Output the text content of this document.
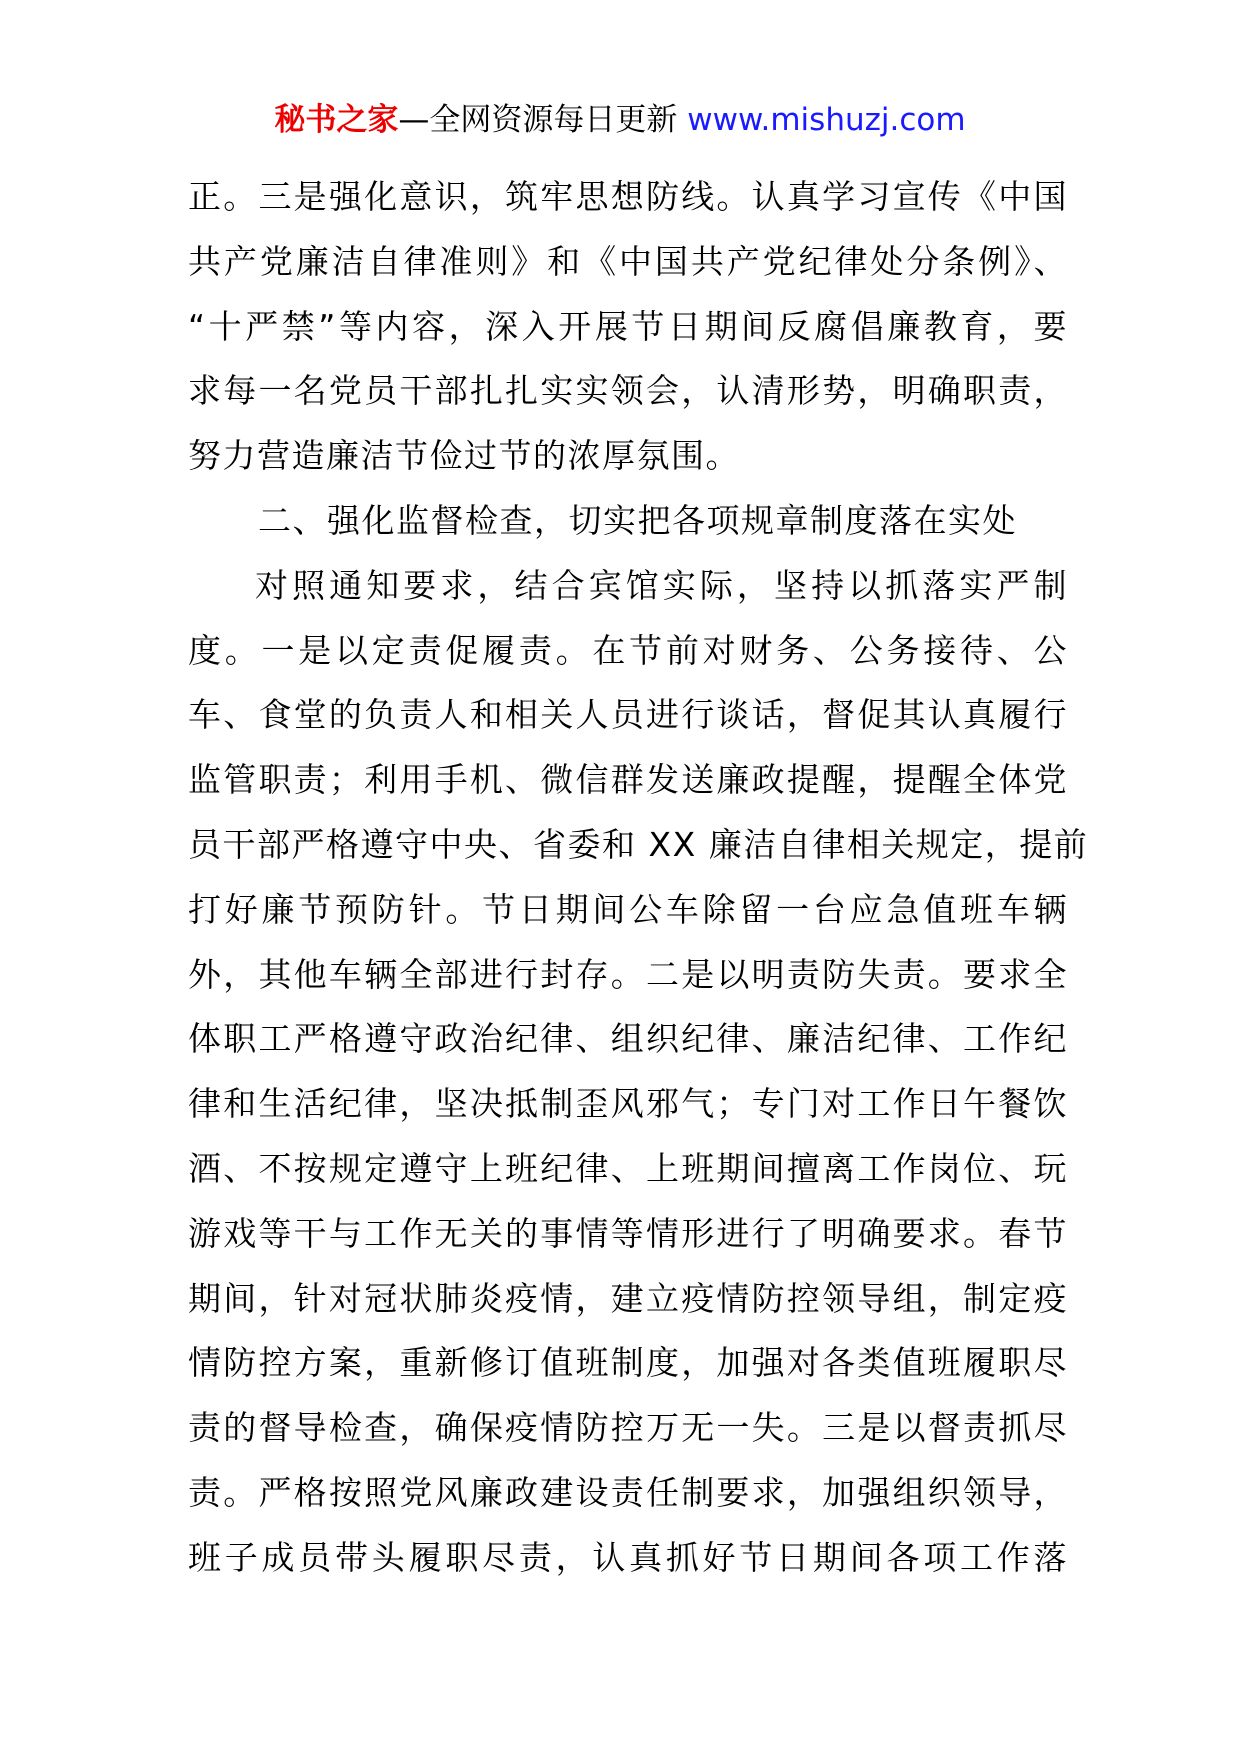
秘书之家—全网资源每日更新 www.mishuzj.com
正。三是强化意识，筑牢思想防线。认真学习宣传《中国
共产党廉洁自律准则》和《中国共产党纪律处分条例》、
“十严禁”等内容，深入开展节日期间反腐倡廉教育，要
求每一名党员干部扎扎实实领会，认清形势，明确职责，
努力营造廉洁节俭过节的浓厚氛围。
二、强化监督检查，切实把各项规章制度落在实处
对照通知要求，结合宾馆实际，坚持以抓落实严制
度。一是以定责促履责。在节前对财务、公务接待、公
车、食堂的负责人和相关人员进行谈话，督促其认真履行
监管职责；利用手机、微信群发送廉政提醒，提醒全体党
员干部严格遵守中央、省委和 XX 廉洁自律相关规定，提前
打好廉节预防针。节日期间公车除留一台应急值班车辆
外，其他车辆全部进行封存。二是以明责防失责。要求全
体职工严格遵守政治纪律、组织纪律、廉洁纪律、工作纪
律和生活纪律，坚决抵制歪风邪气；专门对工作日午餐饮
酒、不按规定遵守上班纪律、上班期间擅离工作岗位、玩
游戏等干与工作无关的事情等情形进行了明确要求。春节
期间，针对冠状肺炎疫情，建立疫情防控领导组，制定疫
情防控方案，重新修订值班制度，加强对各类值班履职尽
责的督导检查，确保疫情防控万无一失。三是以督责抓尽
责。严格按照党风廉政建设责任制要求，加强组织领导，
班子成员带头履职尽责，认真抓好节日期间各项工作落
